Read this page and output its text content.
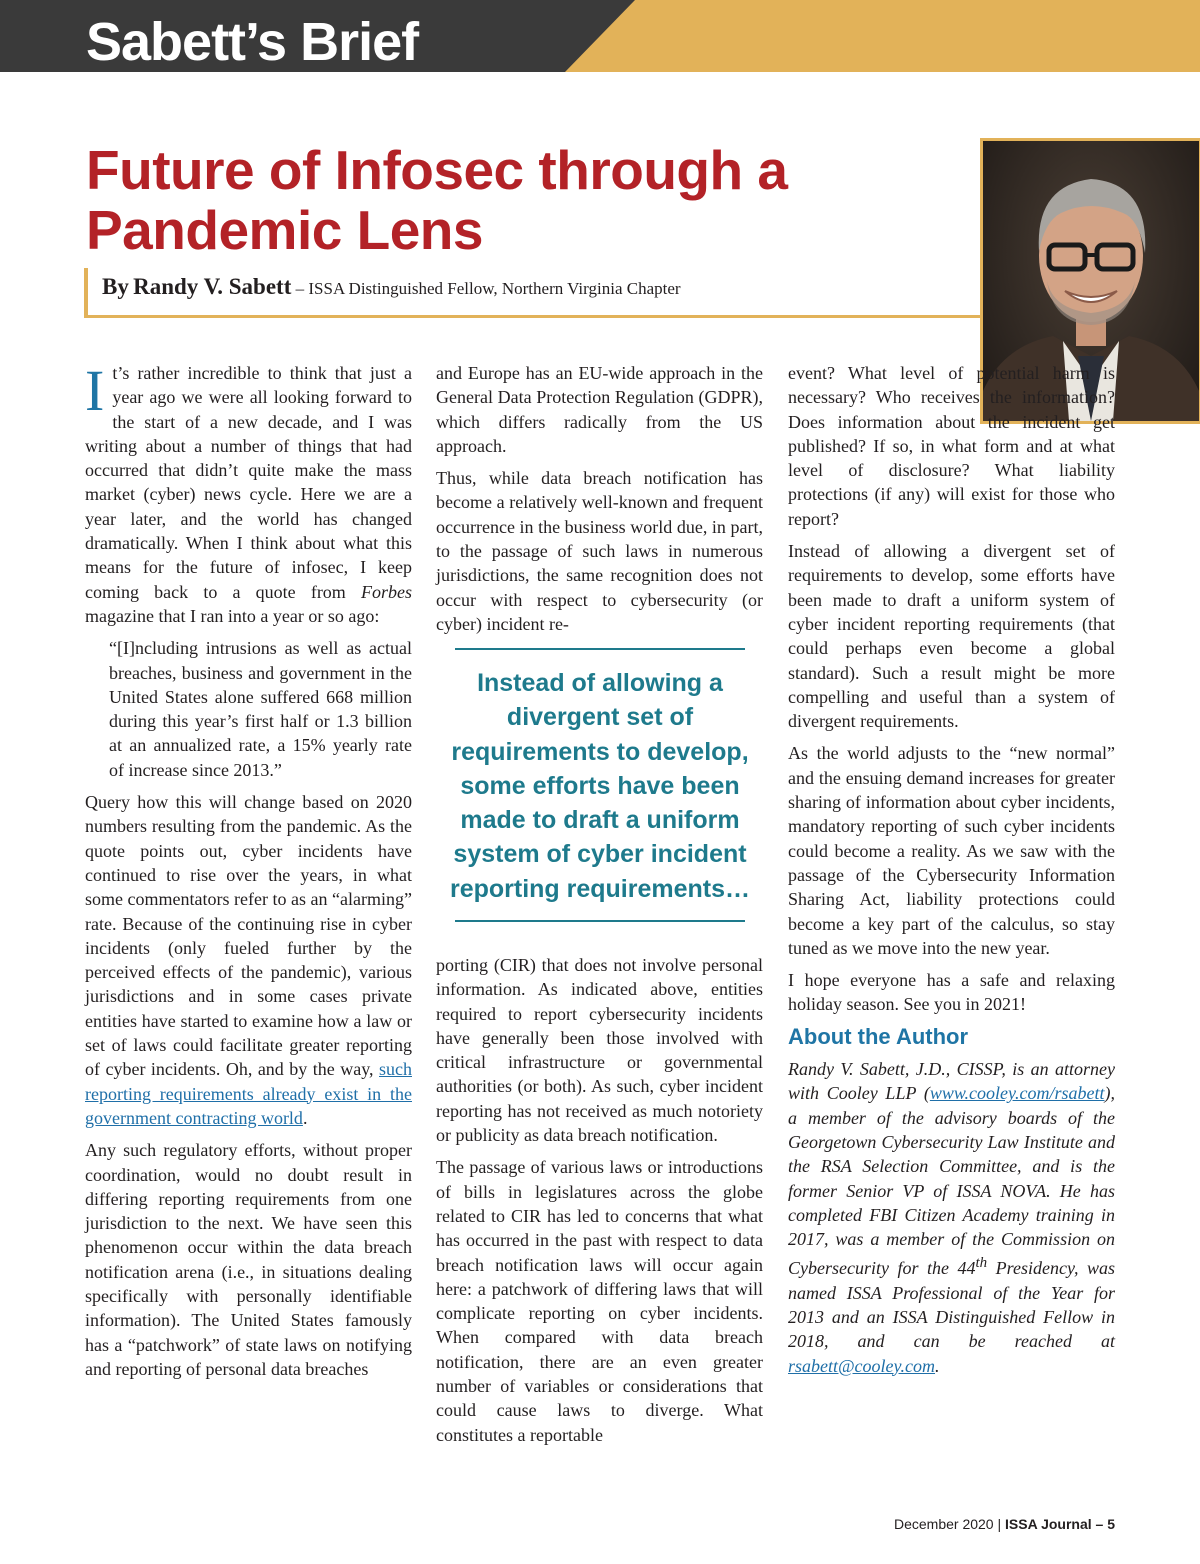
Sabett’s Brief
Future of Infosec through a Pandemic Lens
By Randy V. Sabett – ISSA Distinguished Fellow, Northern Virginia Chapter

It’s rather incredible to think that just a year ago we were all looking forward to the start of a new decade, and I was writing about a number of things that had occurred that didn’t quite make the mass market (cyber) news cycle. Here we are a year later, and the world has changed dramatically. When I think about what this means for the future of infosec, I keep coming back to a quote from Forbes magazine that I ran into a year or so ago:

“[I]ncluding intrusions as well as actual breaches, business and government in the United States alone suffered 668 million during this year’s first half or 1.3 billion at an annualized rate, a 15% yearly rate of increase since 2013.”

Query how this will change based on 2020 numbers resulting from the pandemic. As the quote points out, cyber incidents have continued to rise over the years, in what some commentators refer to as an “alarming” rate. Because of the continuing rise in cyber incidents (only fueled further by the perceived effects of the pandemic), various jurisdictions and in some cases private entities have started to examine how a law or set of laws could facilitate greater reporting of cyber incidents. Oh, and by the way, such reporting requirements already exist in the government contracting world.

Any such regulatory efforts, without proper coordination, would no doubt result in differing reporting requirements from one jurisdiction to the next. We have seen this phenomenon occur within the data breach notification arena (i.e., in situations dealing specifically with personally identifiable information). The United States famously has a “patchwork” of state laws on notifying and reporting of personal data breaches

and Europe has an EU-wide approach in the General Data Protection Regulation (GDPR), which differs radically from the US approach.

Thus, while data breach notification has become a relatively well-known and frequent occurrence in the business world due, in part, to the passage of such laws in numerous jurisdictions, the same recognition does not occur with respect to cybersecurity (or cyber) incident re-

Instead of allowing a divergent set of requirements to develop, some efforts have been made to draft a uniform system of cyber incident reporting requirements…

porting (CIR) that does not involve personal information. As indicated above, entities required to report cybersecurity incidents have generally been those involved with critical infrastructure or governmental authorities (or both). As such, cyber incident reporting has not received as much notoriety or publicity as data breach notification.

The passage of various laws or introductions of bills in legislatures across the globe related to CIR has led to concerns that what has occurred in the past with respect to data breach notification laws will occur again here: a patchwork of differing laws that will complicate reporting on cyber incidents. When compared with data breach notification, there are an even greater number of variables or considerations that could cause laws to diverge. What constitutes a reportable

event? What level of potential harm is necessary? Who receives the information? Does information about the incident get published? If so, in what form and at what level of disclosure? What liability protections (if any) will exist for those who report?

Instead of allowing a divergent set of requirements to develop, some efforts have been made to draft a uniform system of cyber incident reporting requirements (that could perhaps even become a global standard). Such a result might be more compelling and useful than a system of divergent requirements.

As the world adjusts to the “new normal” and the ensuing demand increases for greater sharing of information about cyber incidents, mandatory reporting of such cyber incidents could become a reality. As we saw with the passage of the Cybersecurity Information Sharing Act, liability protections could become a key part of the calculus, so stay tuned as we move into the new year.

I hope everyone has a safe and relaxing holiday season. See you in 2021!

About the Author

Randy V. Sabett, J.D., CISSP, is an attorney with Cooley LLP (www.cooley.com/rsabett), a member of the advisory boards of the Georgetown Cybersecurity Law Institute and the RSA Selection Committee, and is the former Senior VP of ISSA NOVA. He has completed FBI Citizen Academy training in 2017, was a member of the Commission on Cybersecurity for the 44th Presidency, was named ISSA Professional of the Year for 2013 and an ISSA Distinguished Fellow in 2018, and can be reached at rsabett@cooley.com.

December 2020 | ISSA Journal – 5
